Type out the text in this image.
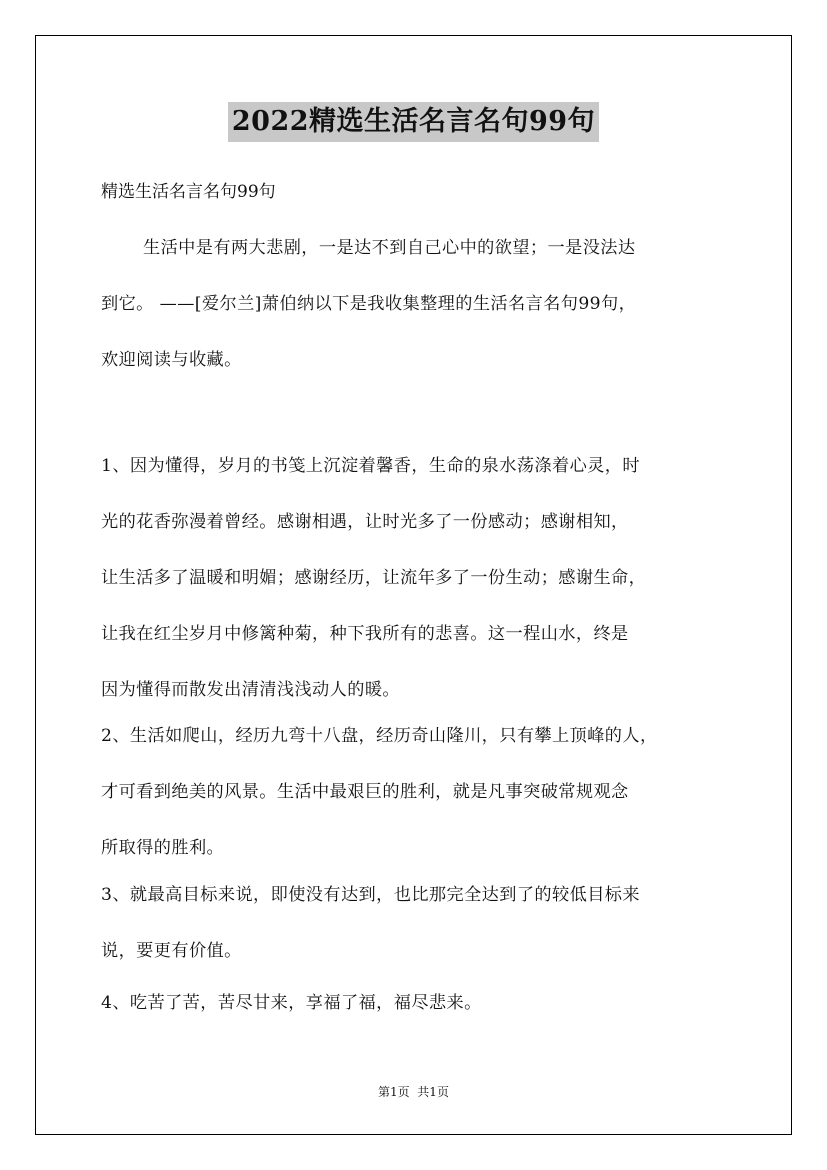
2022精选生活名言名句99句
精选生活名言名句99句

生活中是有两大悲剧，一是达不到自己心中的欲望；一是没法达
到它。 ——[爱尔兰]萧伯纳以下是我收集整理的生活名言名句99句，
欢迎阅读与收藏。

1、因为懂得，岁月的书笺上沉淀着馨香，生命的泉水荡涤着心灵，时
光的花香弥漫着曾经。感谢相遇，让时光多了一份感动；感谢相知，
让生活多了温暖和明媚；感谢经历，让流年多了一份生动；感谢生命，
让我在红尘岁月中修篱种菊，种下我所有的悲喜。这一程山水，终是
因为懂得而散发出清清浅浅动人的暖。

2、生活如爬山，经历九弯十八盘，经历奇山隆川，只有攀上顶峰的人，
才可看到绝美的风景。生活中最艰巨的胜利，就是凡事突破常规观念
所取得的胜利。

3、就最高目标来说，即使没有达到，也比那完全达到了的较低目标来
说，要更有价值。

4、吃苦了苦，苦尽甘来，享福了福，福尽悲来。

第1页  共1页
